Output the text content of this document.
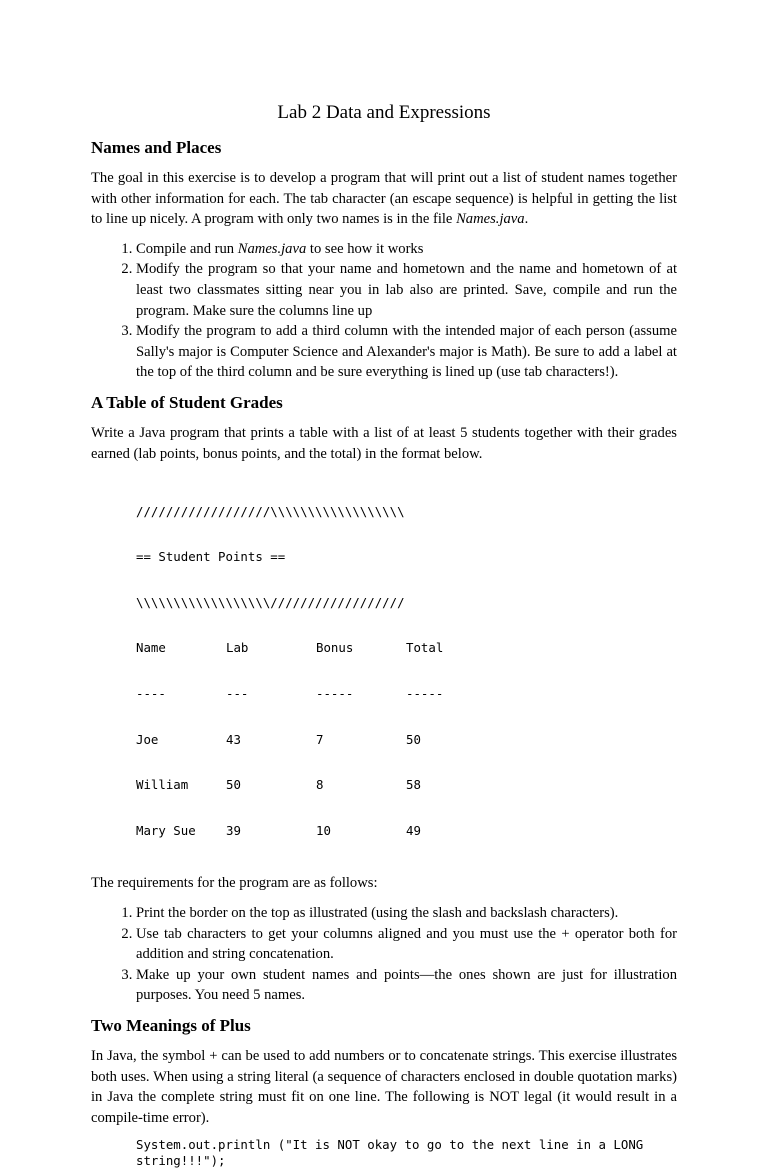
Lab 2 Data and Expressions
Names and Places

The goal in this exercise is to develop a program that will print out a list of student names together with other information for each. The tab character (an escape sequence) is helpful in getting the list to line up nicely. A program with only two names is in the file Names.java.

1. Compile and run Names.java to see how it works
2. Modify the program so that your name and hometown and the name and hometown of at least two classmates sitting near you in lab also are printed. Save, compile and run the program. Make sure the columns line up
3. Modify the program to add a third column with the intended major of each person (assume Sally's major is Computer Science and Alexander's major is Math). Be sure to add a label at the top of the third column and be sure everything is lined up (use tab characters!).
A Table of Student Grades

Write a Java program that prints a table with a list of at least 5 students together with their grades earned (lab points, bonus points, and the total) in the format below.

//////////////////\\\\\\\\\\\\\\\\\\

== Student Points ==

\\\\\\\\\\\\\\\\\\//////////////////

Name	Lab	Bonus	Total

----	---	-----	-----

Joe	43	7	50

William	50	8	58

Mary Sue	39	10	49

The requirements for the program are as follows:

1. Print the border on the top as illustrated (using the slash and backslash characters).
2. Use tab characters to get your columns aligned and you must use the + operator both for addition and string concatenation.
3. Make up your own student names and points—the ones shown are just for illustration purposes. You need 5 names.
Two Meanings of Plus

In Java, the symbol + can be used to add numbers or to concatenate strings. This exercise illustrates both uses. When using a string literal (a sequence of characters enclosed in double quotation marks) in Java the complete string must fit on one line. The following is NOT legal (it would result in a compile-time error).

System.out.println ("It is NOT okay to go to the next line in a LONG
string!!!");
